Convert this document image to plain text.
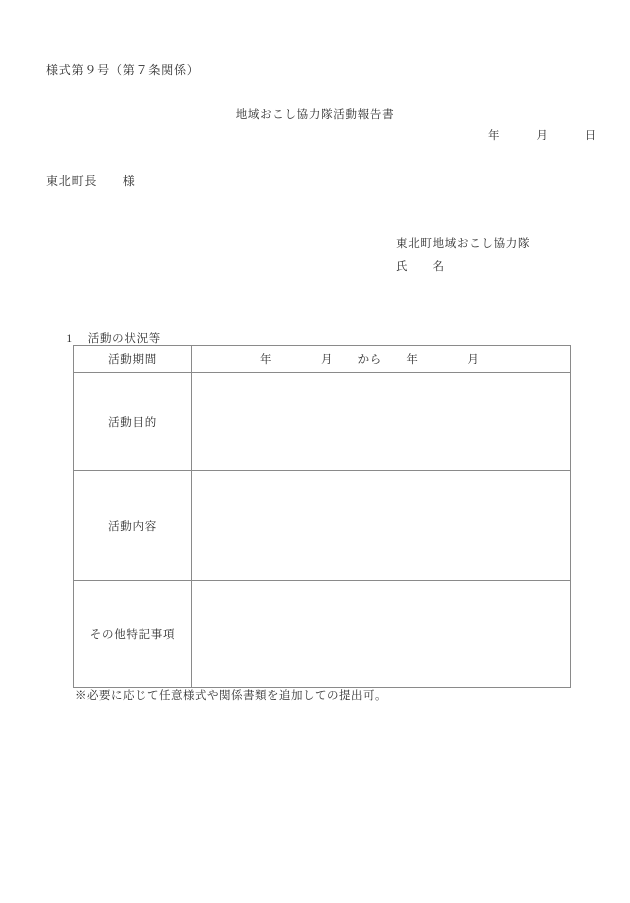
様式第９号（第７条関係）
地域おこし協力隊活動報告書
年　　　月　　　日
東北町長　　様
東北町地域おこし協力隊
氏　　名

1 活動の状況等

活動期間	年　　　　月　　から　　年　　　　月

活動目的	
活動内容	
その他特記事項	
※必要に応じて任意様式や関係書類を追加しての提出可。
